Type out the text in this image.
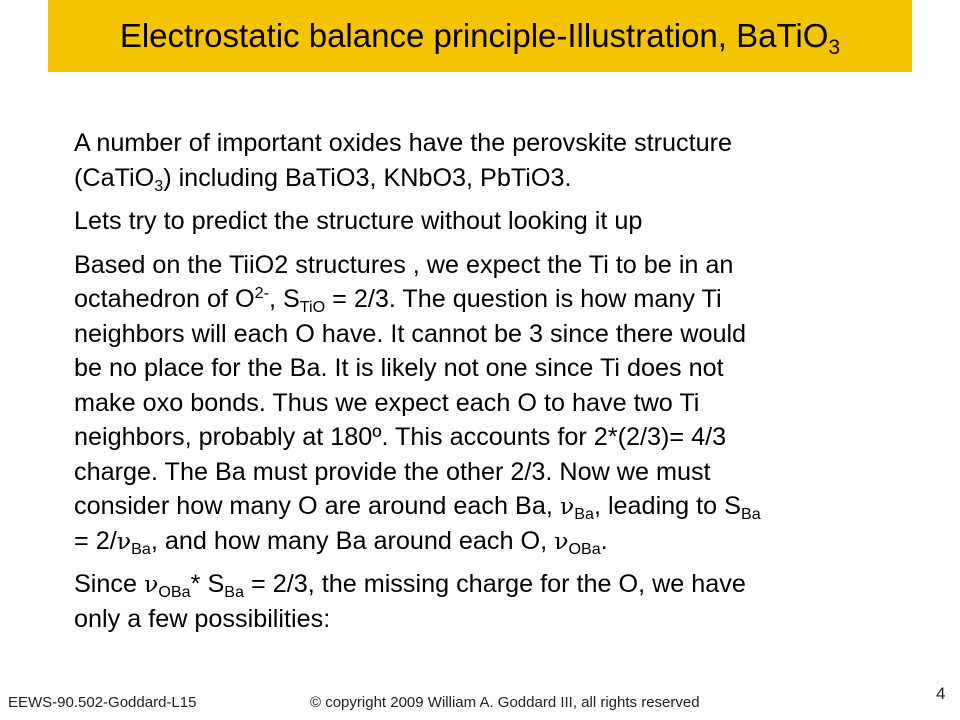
Electrostatic balance principle-Illustration, BaTiO$_3$

A number of important oxides have the perovskite structure
(CaTiO$_3$) including BaTiO3, KNbO3, PbTiO3.

Lets try to predict the structure without looking it up

Based on the TiiO2 structures , we expect the Ti to be in an
octahedron of $O^{2-}$, $S_{TiO} = 2/3$. The question is how many Ti
neighbors will each O have. It cannot be 3 since there would
be no place for the Ba. It is likely not one since Ti does not
make oxo bonds. Thus we expect each O to have two Ti
neighbors, probably at 180º. This accounts for 2*(2/3)= 4/3
charge. The Ba must provide the other 2/3. Now we must
consider how many O are around each Ba, $\nu_{Ba}$, leading to $S_{Ba}$
= $2/\nu_{Ba}$, and how many Ba around each O, $\nu_{OBa}$.

Since $\nu_{OBa}*$ $S_{Ba} = 2/3$, the missing charge for the O, we have
only a few possibilities:

EEWS-90.502-Goddard-L15	© copyright 2009 William A. Goddard III, all rights reserved	4
